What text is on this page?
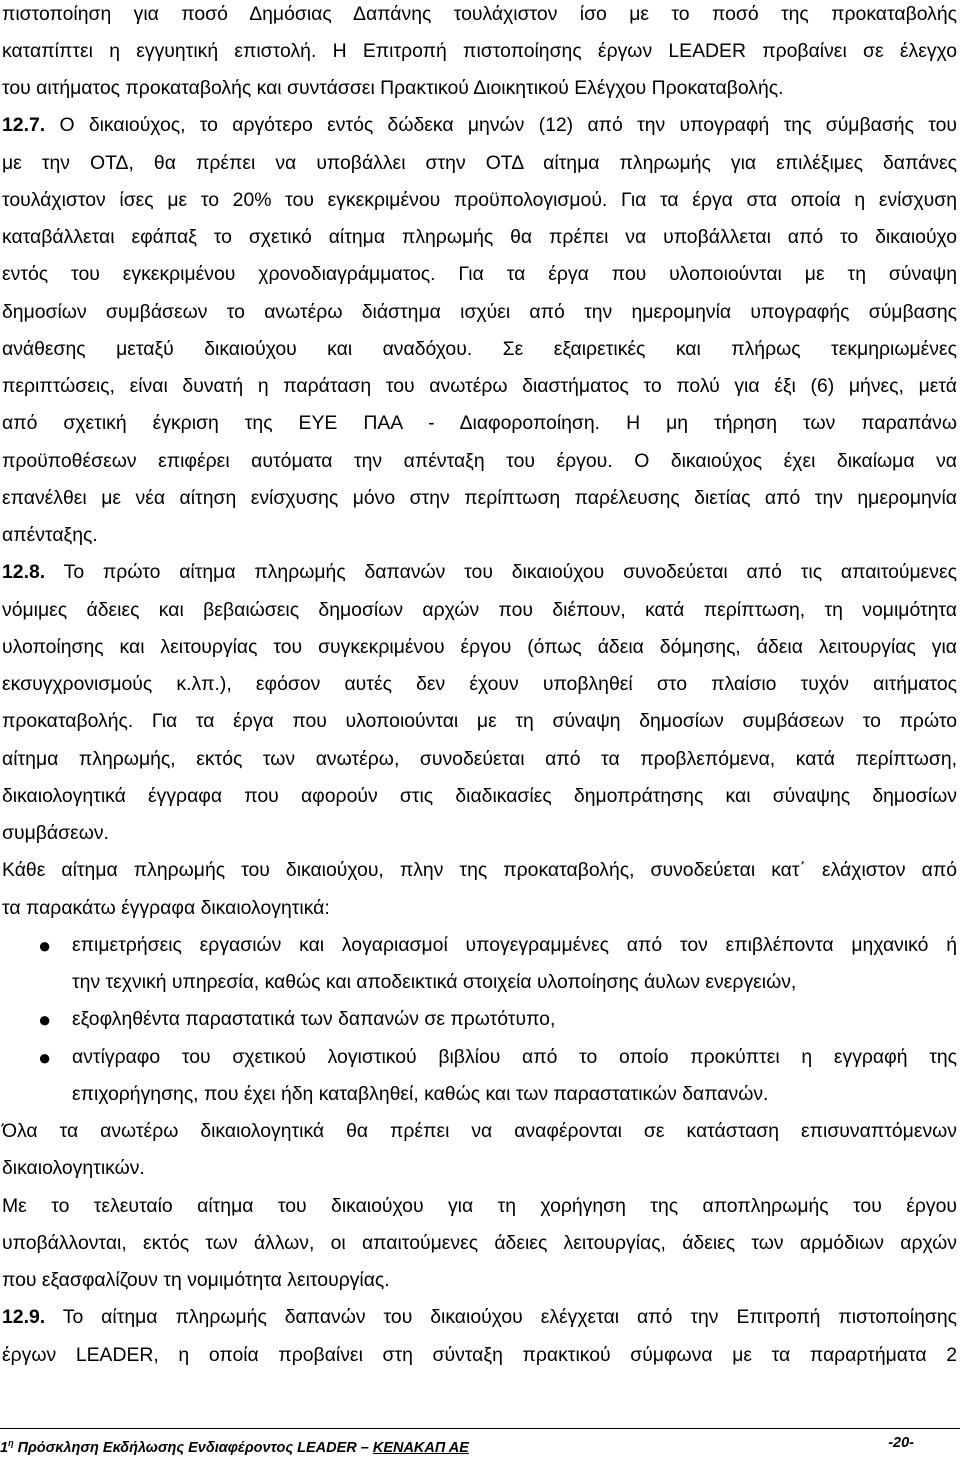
πιστοποίηση για ποσό Δημόσιας Δαπάνης τουλάχιστον ίσο με το ποσό της προκαταβολής
καταπίπτει η εγγυητική επιστολή. Η Επιτροπή πιστοποίησης έργων LEADER προβαίνει σε έλεγχο
του αιτήματος προκαταβολής και συντάσσει Πρακτικού Διοικητικού Ελέγχου Προκαταβολής.
12.7. Ο δικαιούχος, το αργότερο εντός δώδεκα μηνών (12) από την υπογραφή της σύμβασής του
με την ΟΤΔ, θα πρέπει να υποβάλλει στην ΟΤΔ αίτημα πληρωμής για επιλέξιμες δαπάνες
τουλάχιστον ίσες με το 20% του εγκεκριμένου προϋπολογισμού. Για τα έργα στα οποία η ενίσχυση
καταβάλλεται εφάπαξ το σχετικό αίτημα πληρωμής θα πρέπει να υποβάλλεται από το δικαιούχο
εντός του εγκεκριμένου χρονοδιαγράμματος. Για τα έργα που υλοποιούνται με τη σύναψη
δημοσίων συμβάσεων το ανωτέρω διάστημα ισχύει από την ημερομηνία υπογραφής σύμβασης
ανάθεσης μεταξύ δικαιούχου και αναδόχου. Σε εξαιρετικές και πλήρως τεκμηριωμένες
περιπτώσεις, είναι δυνατή η παράταση του ανωτέρω διαστήματος το πολύ για έξι (6) μήνες, μετά
από σχετική έγκριση της ΕΥΕ ΠΑΑ - Διαφοροποίηση. Η μη τήρηση των παραπάνω
προϋποθέσεων επιφέρει αυτόματα την απένταξη του έργου. Ο δικαιούχος έχει δικαίωμα να
επανέλθει με νέα αίτηση ενίσχυσης μόνο στην περίπτωση παρέλευσης διετίας από την ημερομηνία
απένταξης.
12.8. Το πρώτο αίτημα πληρωμής δαπανών του δικαιούχου συνοδεύεται από τις απαιτούμενες
νόμιμες άδειες και βεβαιώσεις δημοσίων αρχών που διέπουν, κατά περίπτωση, τη νομιμότητα
υλοποίησης και λειτουργίας του συγκεκριμένου έργου (όπως άδεια δόμησης, άδεια λειτουργίας για
εκσυγχρονισμούς κ.λπ.), εφόσον αυτές δεν έχουν υποβληθεί στο πλαίσιο τυχόν αιτήματος
προκαταβολής. Για τα έργα που υλοποιούνται με τη σύναψη δημοσίων συμβάσεων το πρώτο
αίτημα πληρωμής, εκτός των ανωτέρω, συνοδεύεται από τα προβλεπόμενα, κατά περίπτωση,
δικαιολογητικά έγγραφα που αφορούν στις διαδικασίες δημοπράτησης και σύναψης δημοσίων
συμβάσεων.
Κάθε αίτημα πληρωμής του δικαιούχου, πλην της προκαταβολής, συνοδεύεται κατ΄ ελάχιστον από
τα παρακάτω έγγραφα δικαιολογητικά:
● επιμετρήσεις εργασιών και λογαριασμοί υπογεγραμμένες από τον επιβλέποντα μηχανικό ή
την τεχνική υπηρεσία, καθώς και αποδεικτικά στοιχεία υλοποίησης άυλων ενεργειών,
● εξοφληθέντα παραστατικά των δαπανών σε πρωτότυπο,
● αντίγραφο του σχετικού λογιστικού βιβλίου από το οποίο προκύπτει η εγγραφή της
επιχορήγησης, που έχει ήδη καταβληθεί, καθώς και των παραστατικών δαπανών.
Όλα τα ανωτέρω δικαιολογητικά θα πρέπει να αναφέρονται σε κατάσταση επισυναπτόμενων
δικαιολογητικών.
Με το τελευταίο αίτημα του δικαιούχου για τη χορήγηση της αποπληρωμής του έργου
υποβάλλονται, εκτός των άλλων, οι απαιτούμενες άδειες λειτουργίας, άδειες των αρμόδιων αρχών
που εξασφαλίζουν τη νομιμότητα λειτουργίας.
12.9. Το αίτημα πληρωμής δαπανών του δικαιούχου ελέγχεται από την Επιτροπή πιστοποίησης
έργων LEADER, η οποία προβαίνει στη σύνταξη πρακτικού σύμφωνα με τα παραρτήματα 2
$1^\eta$ Πρόσκληση Εκδήλωσης Ενδιαφέροντος LEADER – ΚΕΝΑΚΑΠ ΑΕ	-20-
